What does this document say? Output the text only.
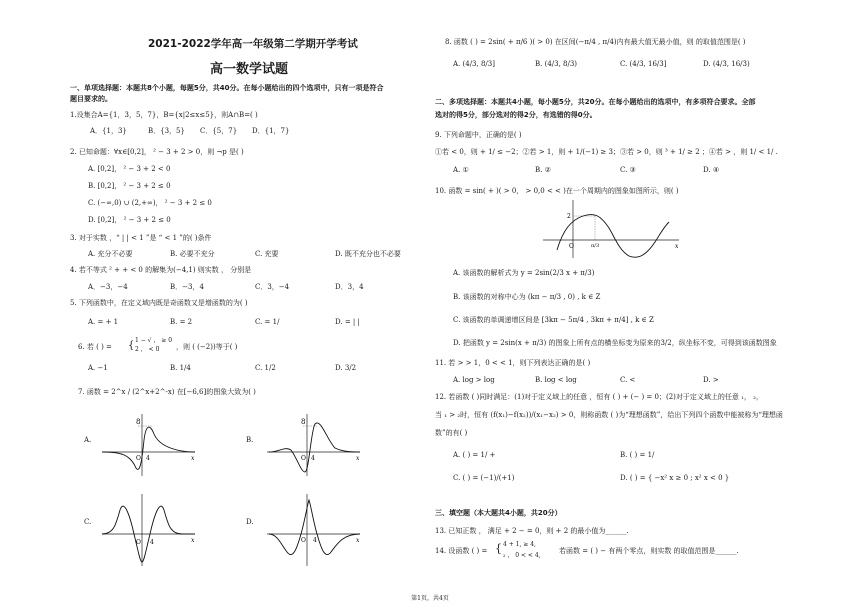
2021-2022学年高一年级第二学期开学考试
高一数学试题
一、单项选择题：本题共8个小题，每题5分，共40分。在每小题给出的四个选项中，只有一项是符合
题目要求的。
1.设集合A={1，3，5，7}，B={x|2≤x≤5}，则A∩B=( )
A．{1，3}	B．{3，5} C．{5，7} D．{1，7}
2. 已知命题：∀x∈[0,2]， ² − 3 + 2 > 0，则 ¬p 是( )
A. [0,2]， ² − 3 + 2 < 0
B. [0,2]， ² − 3 + 2 ≤ 0
C. (−∞,0) ∪ (2,+∞)， ² − 3 + 2 ≤ 0
D. [0,2]， ² − 3 + 2 ≤ 0
3. 对于实数 ，“ | | < 1 ”是 “ < 1 ”的( )条件
A. 充分不必要	B. 必要不充分	C. 充要	D. 既不充分也不必要
4. 若不等式 ² + + < 0 的解集为(−4,1) 则实数 ， 分别是
A．−3，−4	B．−3，4	C．3，−4	D．3，4
5. 下列函数中，在定义域内既是奇函数又是增函数的为( )
A. = + 1	B. = 2	C. = 1/	D. = | |
6. 若 ( ) = { 1 − √ ， ≥ 0
2 ， < 0 ，则 ( (−2))等于( )
A. −1	B. 1/4	C. 1/2	D. 3/2
7. 函数 = 2^x / (2^x+2^-x) 在[−6,6]的图象大致为( )
A.
8
x
O 4
B.
8
x
O 4
C.
O 4	x
D.
O 4	x
8. 函数 ( ) = 2sin( + π/6 )( > 0) 在区间(−π/4 , π/4)内有最大值无最小值，则 的取值范围是( )
A. (4/3, 8/3]	B. (4/3, 8/3)	C. (4/3, 16/3]	D. (4/3, 16/3)
二、多项选择题：本题共4小题，每小题5分，共20分。在每小题给出的选项中，有多项符合要求。全部
选对的得5分，部分选对的得2分，有选错的得0分。
9. 下列命题中，正确的是( )
①若 < 0，则 + 1/ ≤ −2；②若 > 1，则 + 1/(−1) ≥ 3；③若 > 0，则 ³ + 1/ ≥ 2 ；④若 > ，则 1/ < 1/ .
A. ①	B. ②	C. ③	D. ④
10. 函数 = sin( + )( > 0， > 0,0 < < )在一个周期内的图象如图所示，则( )
2
O	π/3	x
A. 该函数的解析式为 y = 2sin(2/3 x + π/3)
B. 该函数的对称中心为 (kπ − π/3 , 0) , k ∈ Z
C. 该函数的单调递增区间是 [3kπ − 5π/4 , 3kπ + π/4] , k ∈ Z
D. 把函数 y = 2sin(x + π/3) 的图象上所有点的横坐标变为原来的3/2，纵坐标不变，可得到该函数图象
11. 若 > > 1，0 < < 1，则下列表达正确的是( )
A. log > log	B. log < log	C. <	D. >
12. 若函数 ( )同时满足：(1)对于定义域上的任意 ，恒有 ( ) + (− ) = 0；(2)对于定义域上的任意 ₁， ₂，
当 ₁ > ₂时，恒有 (f(x₁)−f(x₂))/(x₁−x₂) > 0，则称函数 ( )为“理想函数”，给出下列四个函数中能被称为“理想函
数”的有( )
A. ( ) = 1/ +	B. ( ) = 1/
C. ( ) = (−1)/(+1)	D. ( ) = { −x² x ≥ 0 ; x² x < 0 }
三、填空题（本大题共4小题，共20分）
13. 已知正数 ， 满足 + 2 − = 0，则 + 2 的最小值为______.
14. 设函数 ( ) = { 4 + 1, ≥ 4,
₂ ， 0 < < 4,
若函数 = ( ) − 有两个零点，则实数 的取值范围是______.
第1页，共4页
